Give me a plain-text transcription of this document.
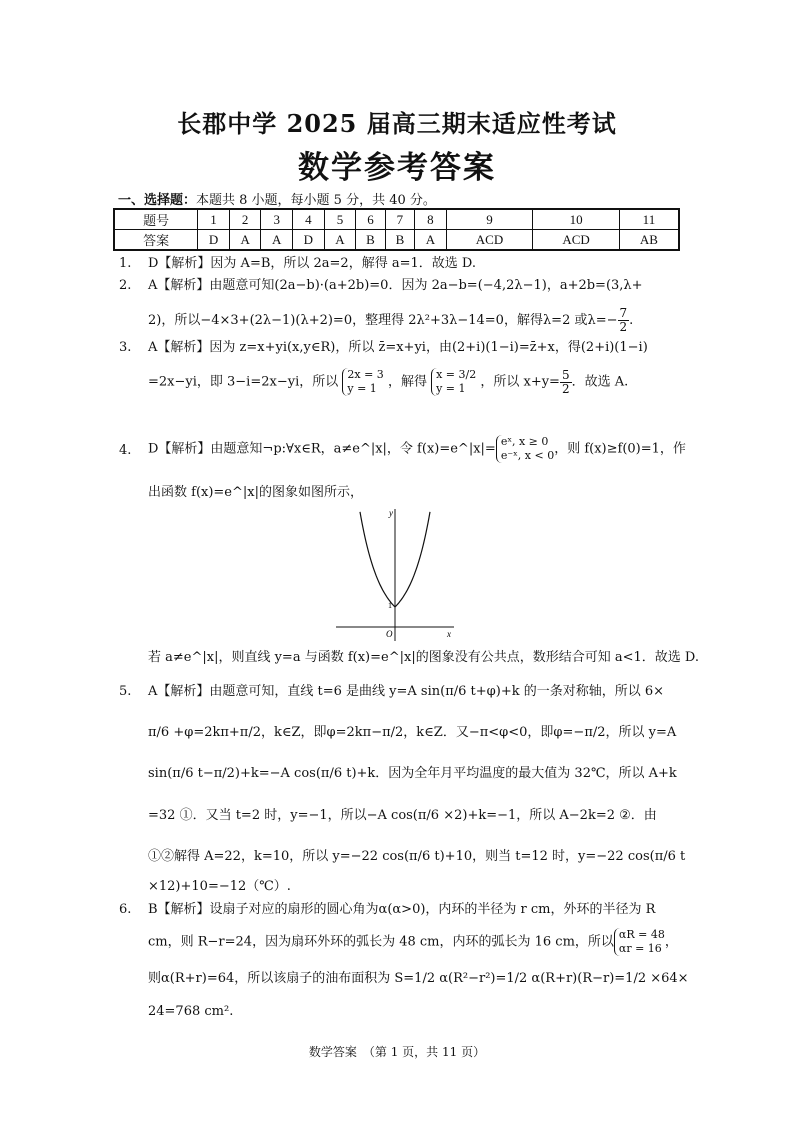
长郡中学 2025 届高三期末适应性考试
数学参考答案
一、选择题：本题共 8 小题，每小题 5 分，共 40 分。
题号	1	2	3	4	5	6	7	8	9	10	11
答案	D	A	A	D	A	B	B	A	ACD	ACD	AB
1. D【解析】因为 A=B，所以 2a=2，解得 a=1．故选 D.
2. A【解析】由题意可知(2a−b)·(a+2b)=0．因为 2a−b=(−4,2λ−1)，a+2b=(3,λ+
2)，所以−4×3+(2λ−1)(λ+2)=0，整理得 2λ²+3λ−14=0，解得λ=2 或$\lambda=- \frac{7}{2}$ .
3. A【解析】因为 z=x+yi(x,y∈R)，所以 z̄=x+yi，由(2+i)(1−i)=z̄+x，得(2+i)(1−i)
=2x−yi，即 3−i=2x−yi，所以 2x = 3
y = 1 ，解得 x = 3/2
y = 1	，所以 $x+y= \frac{5}{2}$ ．故选 A.
4. D【解析】由题意知¬p:∀x∈R，a≠e^|x|，令 f(x)=e^|x|= eˣ, x ≥ 0
e⁻ˣ, x < 0 ，则 f(x)≥f(0)=1，作
出函数 f(x)=e^|x|的图象如图所示，
y
x
O
1
若 a≠e^|x|，则直线 y=a 与函数 f(x)=e^|x|的图象没有公共点，数形结合可知 a<1．故选 D.
5. A【解析】由题意可知，直线 t=6 是曲线 y=A sin(π/6 t+φ)+k 的一条对称轴，所以 6×
π/6 +φ=2kπ+π/2，k∈Z，即φ=2kπ−π/2，k∈Z．又−π<φ<0，即φ=−π/2，所以 y=A
sin(π/6 t−π/2)+k=−A cos(π/6 t)+k．因为全年月平均温度的最大值为 32℃，所以 A+k
=32 ①．又当 t=2 时，y=−1，所以−A cos(π/6 ×2)+k=−1，所以 A−2k=2 ②．由
①②解得 A=22，k=10，所以 y=−22 cos(π/6 t)+10，则当 t=12 时，y=−22 cos(π/6 t
×12)+10=−12（℃）.
6. B【解析】设扇子对应的扇形的圆心角为α(α>0)，内环的半径为 r cm，外环的半径为 R
cm，则 R−r=24，因为扇环外环的弧长为 48 cm，内环的弧长为 16 cm，所以 αR = 48
αr = 16 ，
则α(R+r)=64，所以该扇子的油布面积为 S=1/2 α(R²−r²)=1/2 α(R+r)(R−r)=1/2 ×64×
24=768 cm².
数学答案　（第 1 页，共 11 页）
